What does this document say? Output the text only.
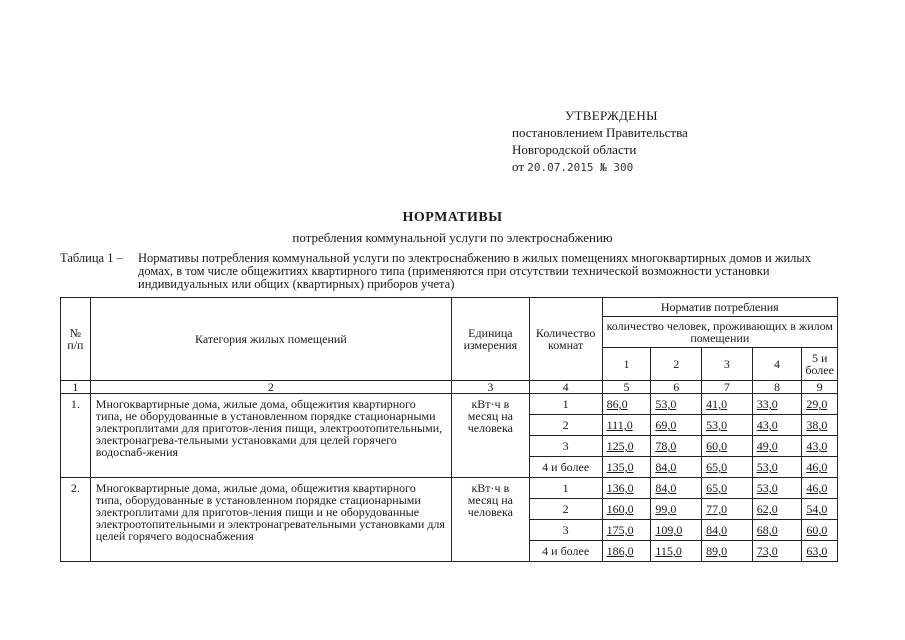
УТВЕРЖДЕНЫ
постановлением Правительства
Новгородской области
от 20.07.2015 № 300
НОРМАТИВЫ
потребления коммунальной услуги по электроснабжению
Таблица 1 – Нормативы потребления коммунальной услуги по электроснабжению в жилых помещениях многоквартирных домов и жилых домах, в том числе общежитиях квартирного типа (применяются при отсутствии технической возможности установки индивидуальных или общих (квартирных) приборов учета)
№ п/п	Категория жилых помещений	Единица измерения	Количество комнат	Норматив потребления				
				количество человек, проживающих в жилом помещении				
				1	2	3	4	5 и более
1	2	3	4	5	6	7	8	9
1.	Многоквартирные дома, жилые дома, общежития квартирного типа, не оборудованные в установленном порядке стационарными электроплитами для приготов-ления пищи, электроотопительными, электронагрева-тельными установками для целей горячего водосnаб-жения	кВт·ч в месяц на человека	1	86,0	53,0	41,0	33,0	29,0
			2	111,0	69,0	53,0	43,0	38,0
			3	125,0	78,0	60,0	49,0	43,0
			4 и более	135,0	84,0	65,0	53,0	46,0
2.	Многоквартирные дома, жилые дома, общежития квартирного типа, оборудованные в установленном порядке стационарными электроплитами для приготов-ления пищи и не оборудованные электроотопительными и электронагревательными установками для целей горячего водоснабжения	кВт·ч в месяц на человека	1	136,0	84,0	65,0	53,0	46,0
			2	160,0	99,0	77,0	62,0	54,0
			3	175,0	109,0	84,0	68,0	60,0
			4 и более	186,0	115,0	89,0	73,0	63,0
